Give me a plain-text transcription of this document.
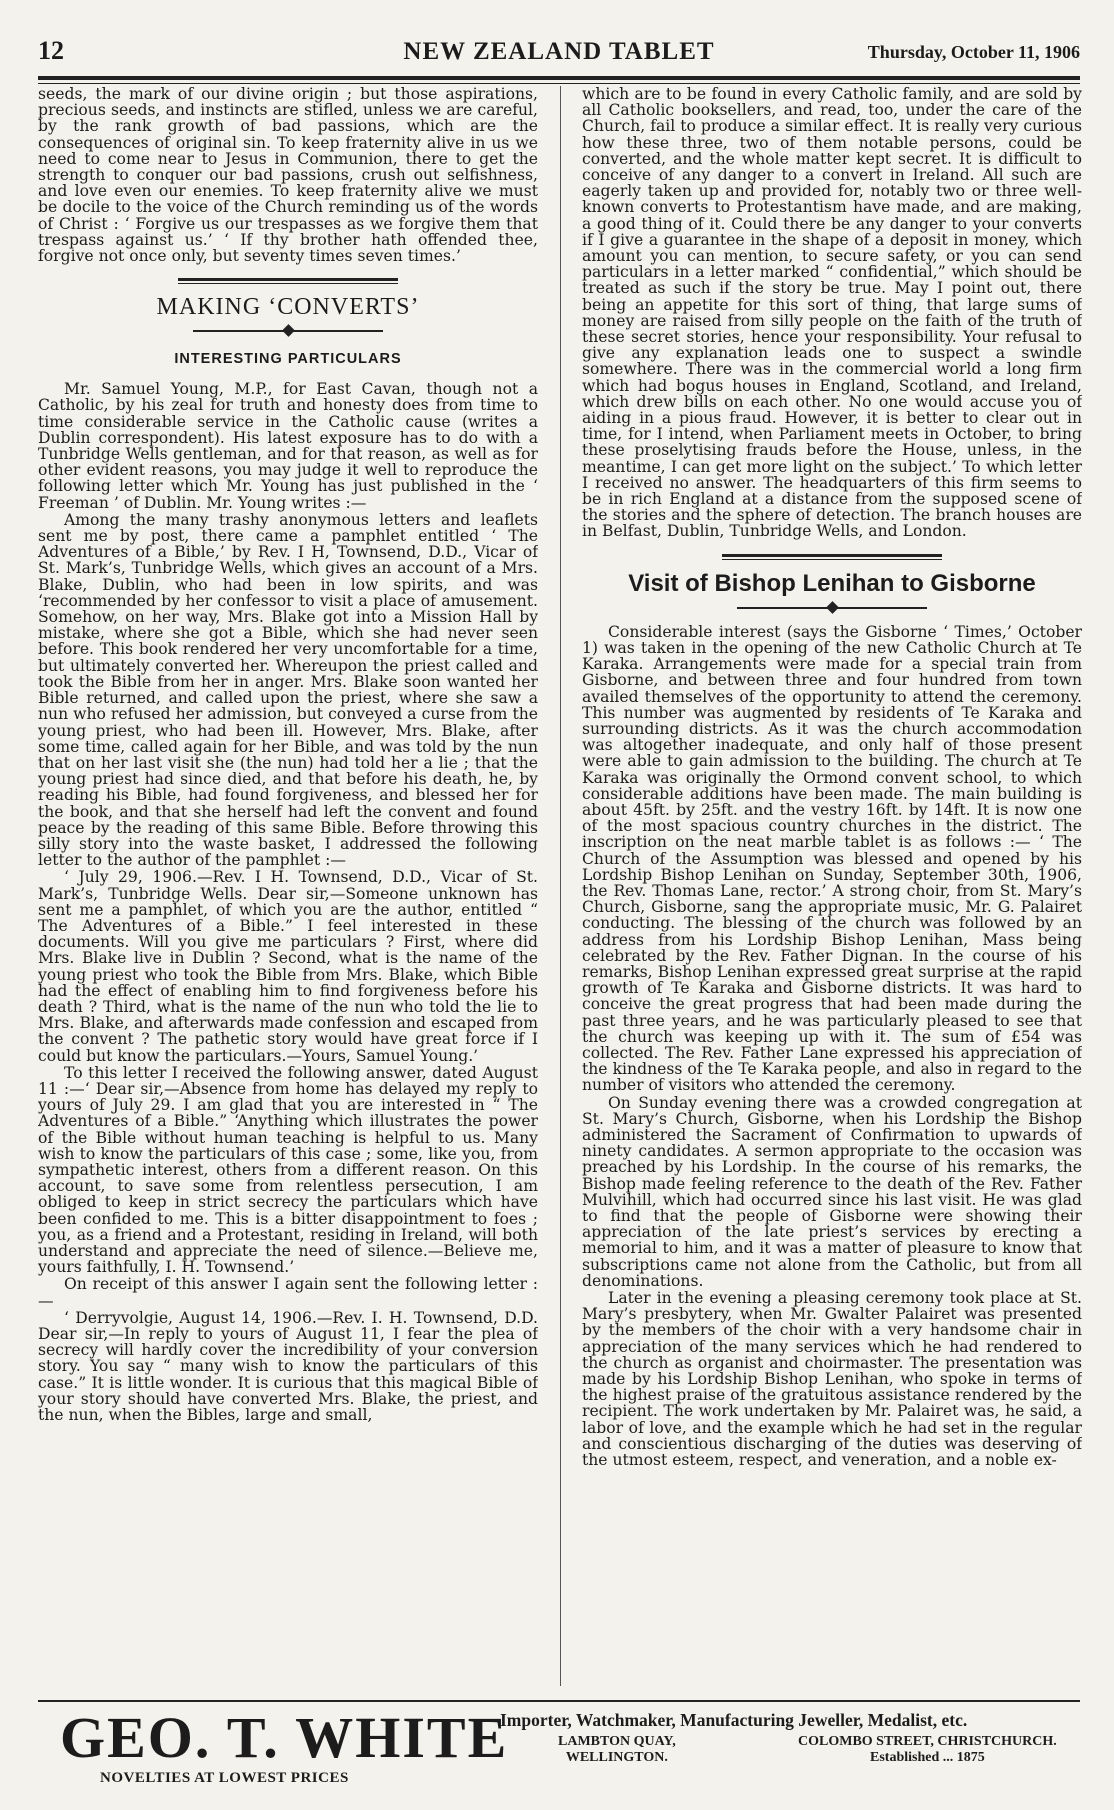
12	NEW ZEALAND TABLET	Thursday, October 11, 1906

seeds, the mark of our divine origin ; but those aspirations, precious seeds, and instincts are stifled, unless we are careful, by the rank growth of bad passions, which are the consequences of original sin. To keep fraternity alive in us we need to come near to Jesus in Communion, there to get the strength to conquer our bad passions, crush out selfishness, and love even our enemies. To keep fraternity alive we must be docile to the voice of the Church reminding us of the words of Christ : ‘ Forgive us our trespasses as we forgive them that trespass against us.’ ‘ If thy brother hath offended thee, forgive not once only, but seventy times seven times.’

MAKING ‘CONVERTS’
INTERESTING PARTICULARS

Mr. Samuel Young, M.P., for East Cavan, though not a Catholic, by his zeal for truth and honesty does from time to time considerable service in the Catholic cause (writes a Dublin correspondent). His latest exposure has to do with a Tunbridge Wells gentleman, and for that reason, as well as for other evident reasons, you may judge it well to reproduce the following letter which Mr. Young has just published in the ‘ Freeman ’ of Dublin. Mr. Young writes :—

Among the many trashy anonymous letters and leaflets sent me by post, there came a pamphlet entitled ‘ The Adventures of a Bible,’ by Rev. I H, Townsend, D.D., Vicar of St. Mark’s, Tunbridge Wells, which gives an account of a Mrs. Blake, Dublin, who had been in low spirits, and was ‘recommended by her confessor to visit a place of amusement. Somehow, on her way, Mrs. Blake got into a Mission Hall by mistake, where she got a Bible, which she had never seen before. This book rendered her very uncomfortable for a time, but ultimately converted her. Whereupon the priest called and took the Bible from her in anger. Mrs. Blake soon wanted her Bible returned, and called upon the priest, where she saw a nun who refused her admission, but conveyed a curse from the young priest, who had been ill. However, Mrs. Blake, after some time, called again for her Bible, and was told by the nun that on her last visit she (the nun) had told her a lie ; that the young priest had since died, and that before his death, he, by reading his Bible, had found forgiveness, and blessed her for the book, and that she herself had left the convent and found peace by the reading of this same Bible. Before throwing this silly story into the waste basket, I addressed the following letter to the author of the pamphlet :—

‘ July 29, 1906.—Rev. I H. Townsend, D.D., Vicar of St. Mark’s, Tunbridge Wells. Dear sir,—Someone unknown has sent me a pamphlet, of which you are the author, entitled “ The Adventures of a Bible.” I feel interested in these documents. Will you give me particulars ? First, where did Mrs. Blake live in Dublin ? Second, what is the name of the young priest who took the Bible from Mrs. Blake, which Bible had the effect of enabling him to find forgiveness before his death ? Third, what is the name of the nun who told the lie to Mrs. Blake, and afterwards made confession and escaped from the convent ? The pathetic story would have great force if I could but know the particulars.—Yours, Samuel Young.’

To this letter I received the following answer, dated August 11 :—‘ Dear sir,—Absence from home has delayed my reply to yours of July 29. I am glad that you are interested in “ The Adventures of a Bible.” ‘Anything which illustrates the power of the Bible without human teaching is helpful to us. Many wish to know the particulars of this case ; some, like you, from sympathetic interest, others from a different reason. On this account, to save some from relentless persecution, I am obliged to keep in strict secrecy the particulars which have been confided to me. This is a bitter disappointment to foes ; you, as a friend and a Protestant, residing in Ireland, will both understand and appreciate the need of silence.—Believe me, yours faithfully, I. H. Townsend.’

On receipt of this answer I again sent the following letter :—

‘ Derryvolgie, August 14, 1906.—Rev. I. H. Townsend, D.D. Dear sir,—In reply to yours of August 11, I fear the plea of secrecy will hardly cover the incredibility of your conversion story. You say “ many wish to know the particulars of this case.” It is little wonder. It is curious that this magical Bible of your story should have converted Mrs. Blake, the priest, and the nun, when the Bibles, large and small,

which are to be found in every Catholic family, and are sold by all Catholic booksellers, and read, too, under the care of the Church, fail to produce a similar effect. It is really very curious how these three, two of them notable persons, could be converted, and the whole matter kept secret. It is difficult to conceive of any danger to a convert in Ireland. All such are eagerly taken up and provided for, notably two or three well-known converts to Protestantism have made, and are making, a good thing of it. Could there be any danger to your converts if I give a guarantee in the shape of a deposit in money, which amount you can mention, to secure safety, or you can send particulars in a letter marked “ confidential,” which should be treated as such if the story be true. May I point out, there being an appetite for this sort of thing, that large sums of money are raised from silly people on the faith of the truth of these secret stories, hence your responsibility. Your refusal to give any explanation leads one to suspect a swindle somewhere. There was in the commercial world a long firm which had bogus houses in England, Scotland, and Ireland, which drew bills on each other. No one would accuse you of aiding in a pious fraud. However, it is better to clear out in time, for I intend, when Parliament meets in October, to bring these proselytising frauds before the House, unless, in the meantime, I can get more light on the subject.’ To which letter I received no answer. The headquarters of this firm seems to be in rich England at a distance from the supposed scene of the stories and the sphere of detection. The branch houses are in Belfast, Dublin, Tunbridge Wells, and London.

Visit of Bishop Lenihan to Gisborne

Considerable interest (says the Gisborne ‘ Times,’ October 1) was taken in the opening of the new Catholic Church at Te Karaka. Arrangements were made for a special train from Gisborne, and between three and four hundred from town availed themselves of the opportunity to attend the ceremony. This number was augmented by residents of Te Karaka and surrounding districts. As it was the church accommodation was altogether inadequate, and only half of those present were able to gain admission to the building. The church at Te Karaka was originally the Ormond convent school, to which considerable additions have been made. The main building is about 45ft. by 25ft. and the vestry 16ft. by 14ft. It is now one of the most spacious country churches in the district. The inscription on the neat marble tablet is as follows :— ‘ The Church of the Assumption was blessed and opened by his Lordship Bishop Lenihan on Sunday, September 30th, 1906, the Rev. Thomas Lane, rector.’ A strong choir, from St. Mary’s Church, Gisborne, sang the appropriate music, Mr. G. Palairet conducting. The blessing of the church was followed by an address from his Lordship Bishop Lenihan, Mass being celebrated by the Rev. Father Dignan. In the course of his remarks, Bishop Lenihan expressed great surprise at the rapid growth of Te Karaka and Gisborne districts. It was hard to conceive the great progress that had been made during the past three years, and he was particularly pleased to see that the church was keeping up with it. The sum of £54 was collected. The Rev. Father Lane expressed his appreciation of the kindness of the Te Karaka people, and also in regard to the number of visitors who attended the ceremony.

On Sunday evening there was a crowded congregation at St. Mary’s Church, Gisborne, when his Lordship the Bishop administered the Sacrament of Confirmation to upwards of ninety candidates. A sermon appropriate to the occasion was preached by his Lordship. In the course of his remarks, the Bishop made feeling reference to the death of the Rev. Father Mulvihill, which had occurred since his last visit. He was glad to find that the people of Gisborne were showing their appreciation of the late priest’s services by erecting a memorial to him, and it was a matter of pleasure to know that subscriptions came not alone from the Catholic, but from all denominations.

Later in the evening a pleasing ceremony took place at St. Mary’s presbytery, when Mr. Gwalter Palairet was presented by the members of the choir with a very handsome chair in appreciation of the many services which he had rendered to the church as organist and choirmaster. The presentation was made by his Lordship Bishop Lenihan, who spoke in terms of the highest praise of the gratuitous assistance rendered by the recipient. The work undertaken by Mr. Palairet was, he said, a labor of love, and the example which he had set in the regular and conscientious discharging of the duties was deserving of the utmost esteem, respect, and veneration, and a noble ex-

GEO. T. WHITE
NOVELTIES AT LOWEST PRICES
Importer, Watchmaker, Manufacturing Jeweller, Medalist, etc.
LAMBTON QUAY,
WELLINGTON.
COLOMBO STREET, CHRISTCHURCH.
Established ... 1875
